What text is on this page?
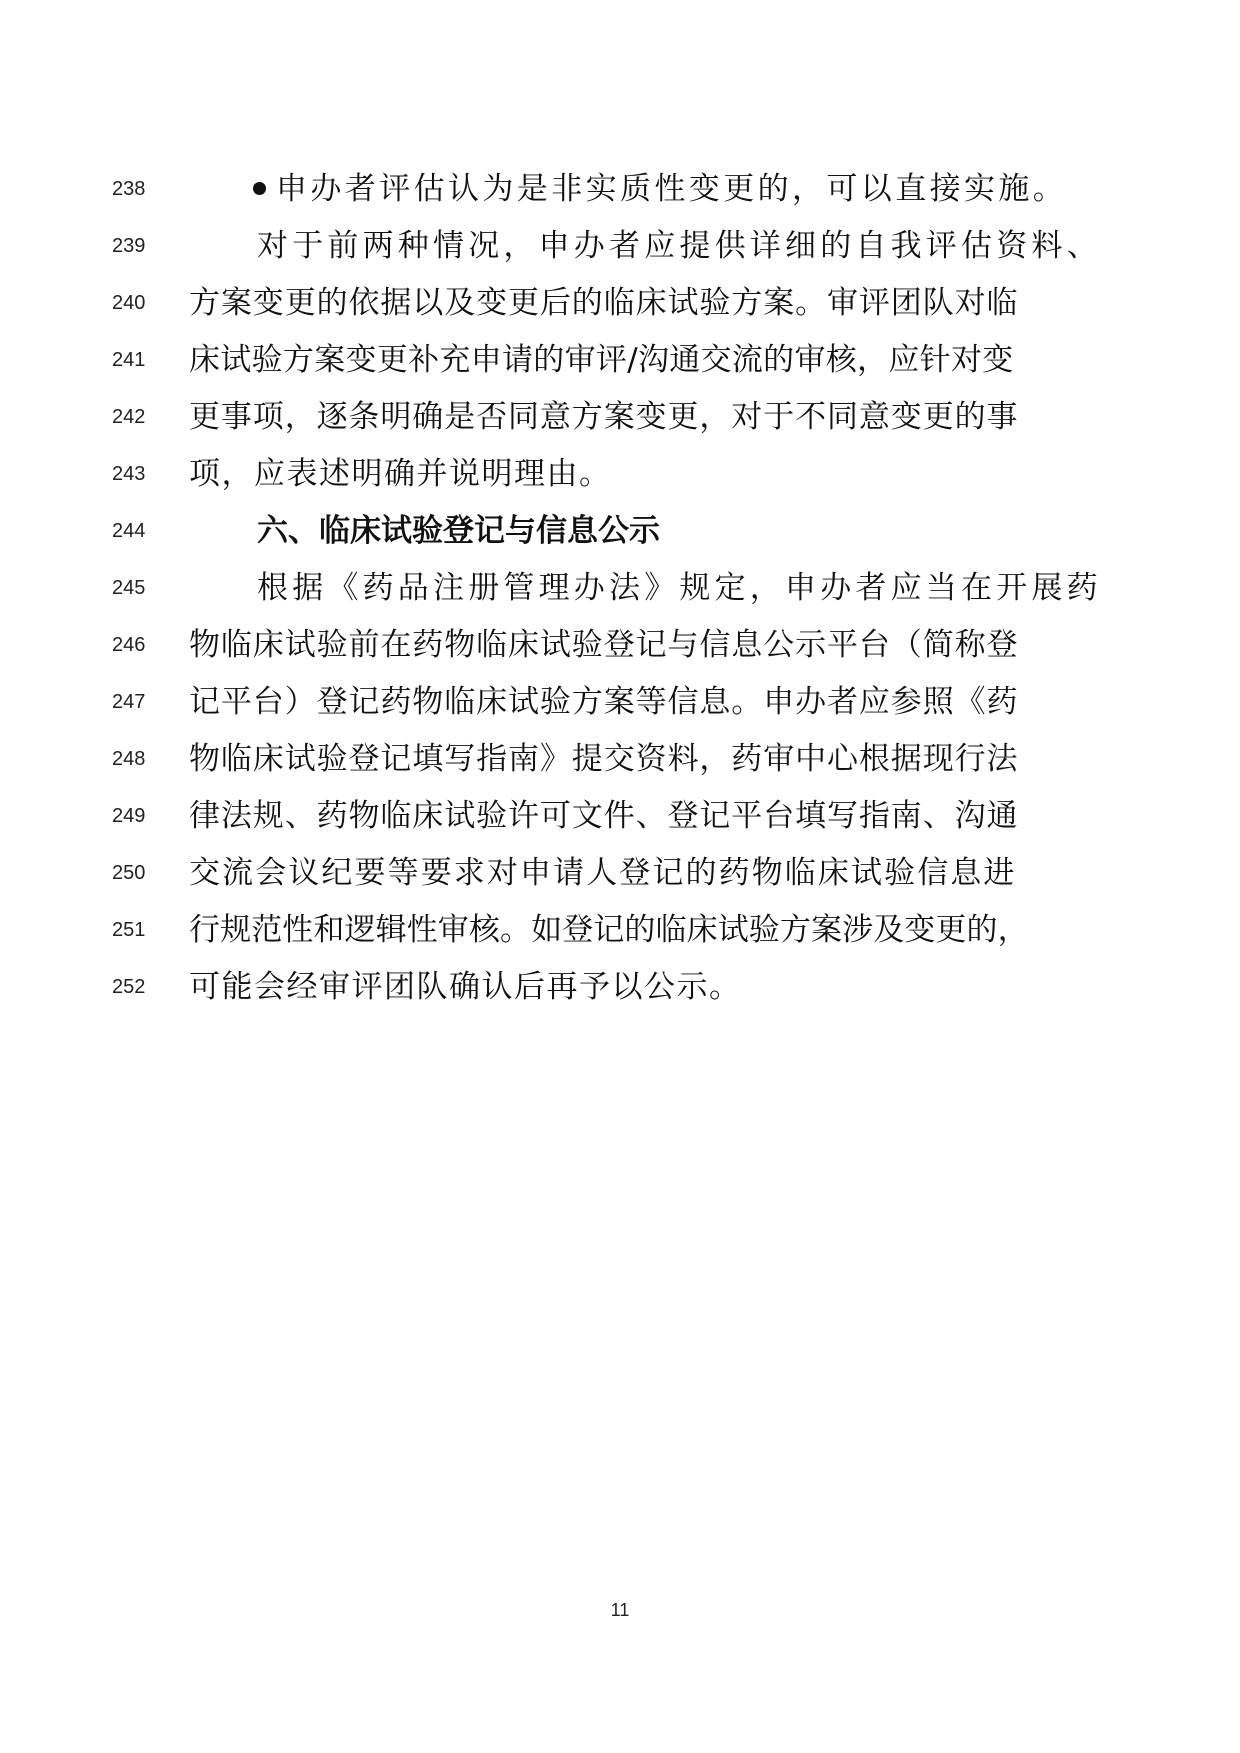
238	申办者评估认为是非实质性变更的，可以直接实施。
239	对于前两种情况，申办者应提供详细的自我评估资料、
240	方案变更的依据以及变更后的临床试验方案。审评团队对临
241	床试验方案变更补充申请的审评/沟通交流的审核，应针对变
242	更事项，逐条明确是否同意方案变更，对于不同意变更的事
243	项，应表述明确并说明理由。
244	六、临床试验登记与信息公示
245	根据《药品注册管理办法》规定，申办者应当在开展药
246	物临床试验前在药物临床试验登记与信息公示平台（简称登
247	记平台）登记药物临床试验方案等信息。申办者应参照《药
248	物临床试验登记填写指南》提交资料，药审中心根据现行法
249	律法规、药物临床试验许可文件、登记平台填写指南、沟通
250	交流会议纪要等要求对申请人登记的药物临床试验信息进
251	行规范性和逻辑性审核。如登记的临床试验方案涉及变更的，
252	可能会经审评团队确认后再予以公示。
11
